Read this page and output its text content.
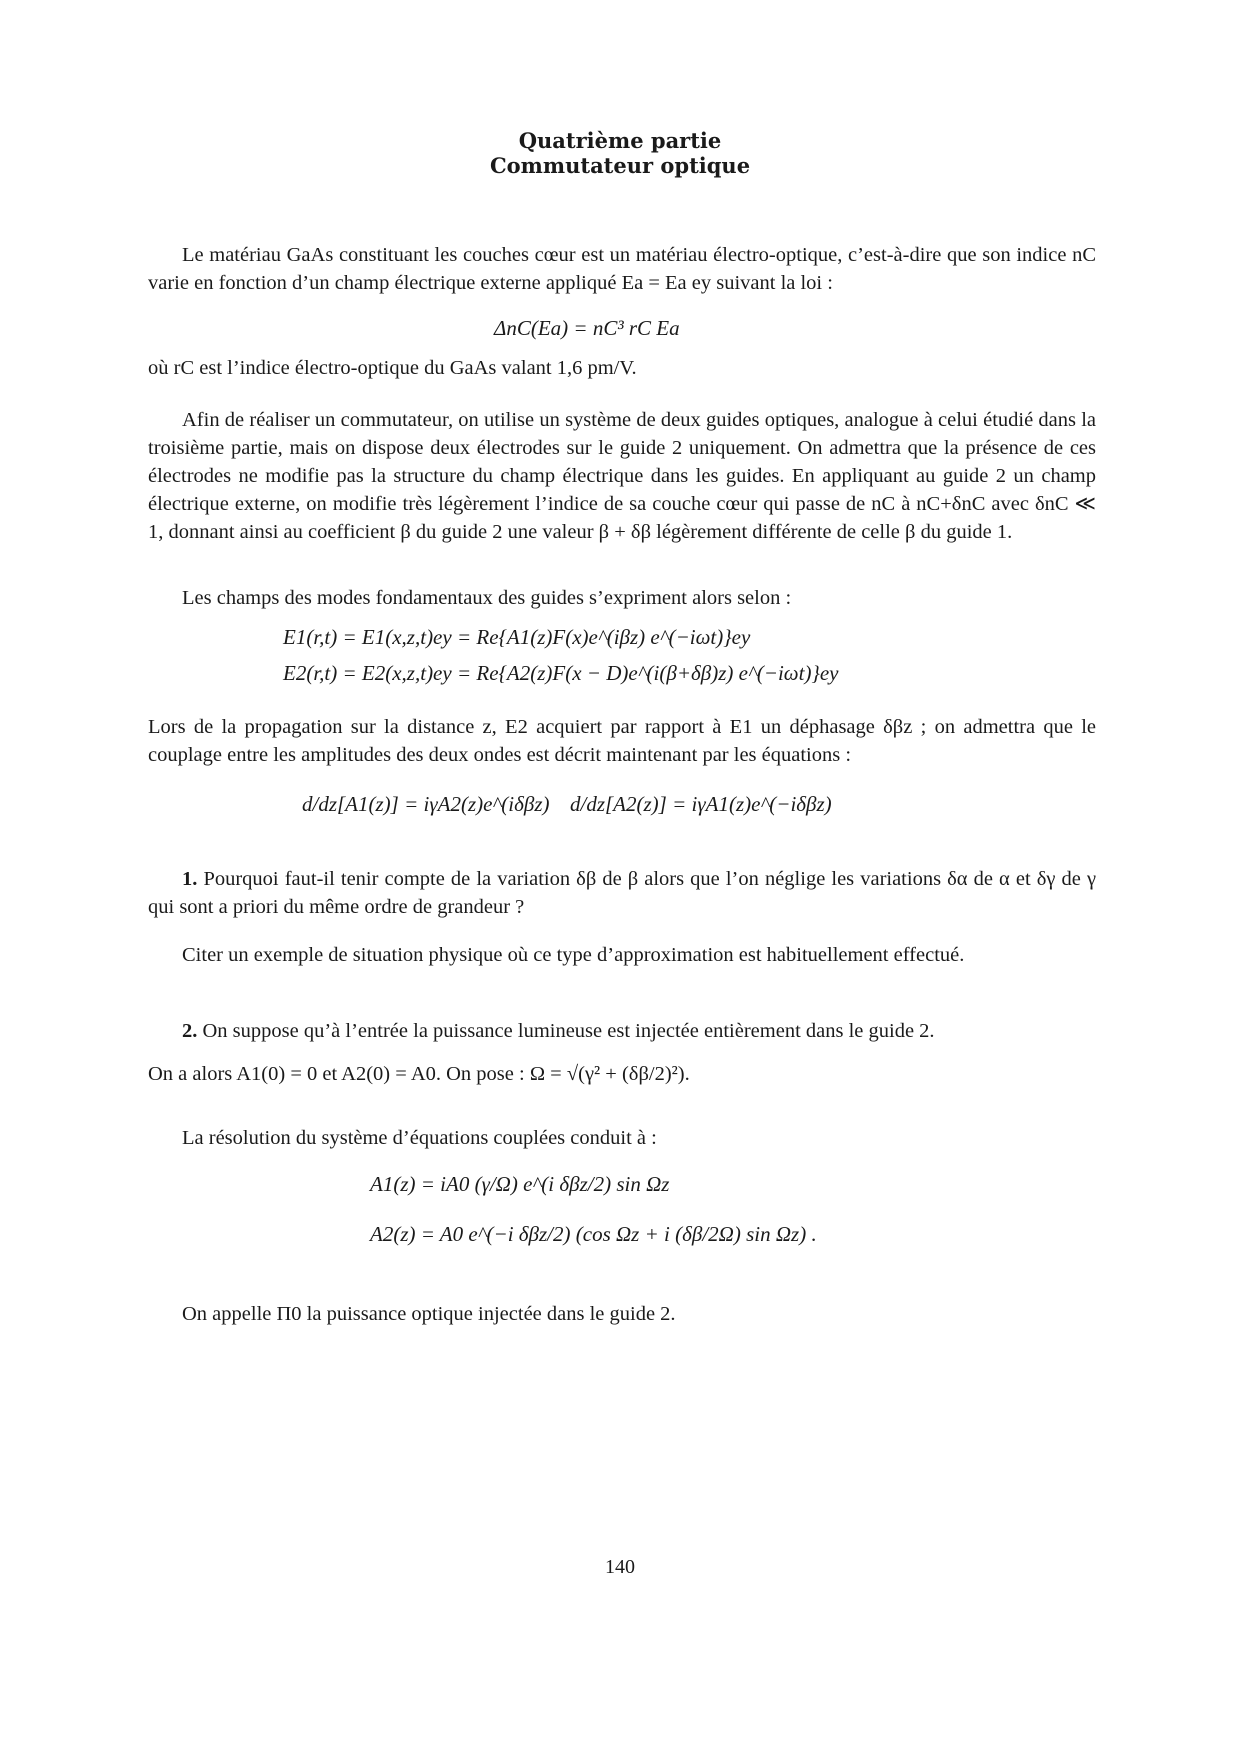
Quatrième partie
Commutateur optique
Le matériau GaAs constituant les couches cœur est un matériau électro-optique, c’est-à-dire que son indice nC varie en fonction d’un champ électrique externe appliqué Ea = Ea ey suivant la loi :
ΔnC(Ea) = nC³ rC Ea
où rC est l’indice électro-optique du GaAs valant 1,6 pm/V.
Afin de réaliser un commutateur, on utilise un système de deux guides optiques, analogue à celui étudié dans la troisième partie, mais on dispose deux électrodes sur le guide 2 uniquement. On admettra que la présence de ces électrodes ne modifie pas la structure du champ électrique dans les guides. En appliquant au guide 2 un champ électrique externe, on modifie très légèrement l’indice de sa couche cœur qui passe de nC à nC+δnC avec δnC ≪ 1, donnant ainsi au coefficient β du guide 2 une valeur β + δβ légèrement différente de celle β du guide 1.
Les champs des modes fondamentaux des guides s’expriment alors selon :
E1(r,t) = E1(x,z,t)ey = Re{A1(z)F(x)e^(iβz) e^(−iωt)}ey
E2(r,t) = E2(x,z,t)ey = Re{A2(z)F(x − D)e^(i(β+δβ)z) e^(−iωt)}ey
Lors de la propagation sur la distance z, E2 acquiert par rapport à E1 un déphasage δβz ; on admettra que le couplage entre les amplitudes des deux ondes est décrit maintenant par les équations :
d/dz[A1(z)] = iγA2(z)e^(iδβz) d/dz[A2(z)] = iγA1(z)e^(−iδβz)
1. Pourquoi faut-il tenir compte de la variation δβ de β alors que l’on néglige les variations δα de α et δγ de γ qui sont a priori du même ordre de grandeur ?
Citer un exemple de situation physique où ce type d’approximation est habituellement effectué.
2. On suppose qu’à l’entrée la puissance lumineuse est injectée entièrement dans le guide 2.
On a alors A1(0) = 0 et A2(0) = A0. On pose : Ω = √(γ² + (δβ/2)²).
La résolution du système d’équations couplées conduit à :
A1(z) = iA0 (γ/Ω) e^(i δβz/2) sin Ωz
A2(z) = A0 e^(−i δβz/2) (cos Ωz + i (δβ/2Ω) sin Ωz) .
On appelle Π0 la puissance optique injectée dans le guide 2.
140
